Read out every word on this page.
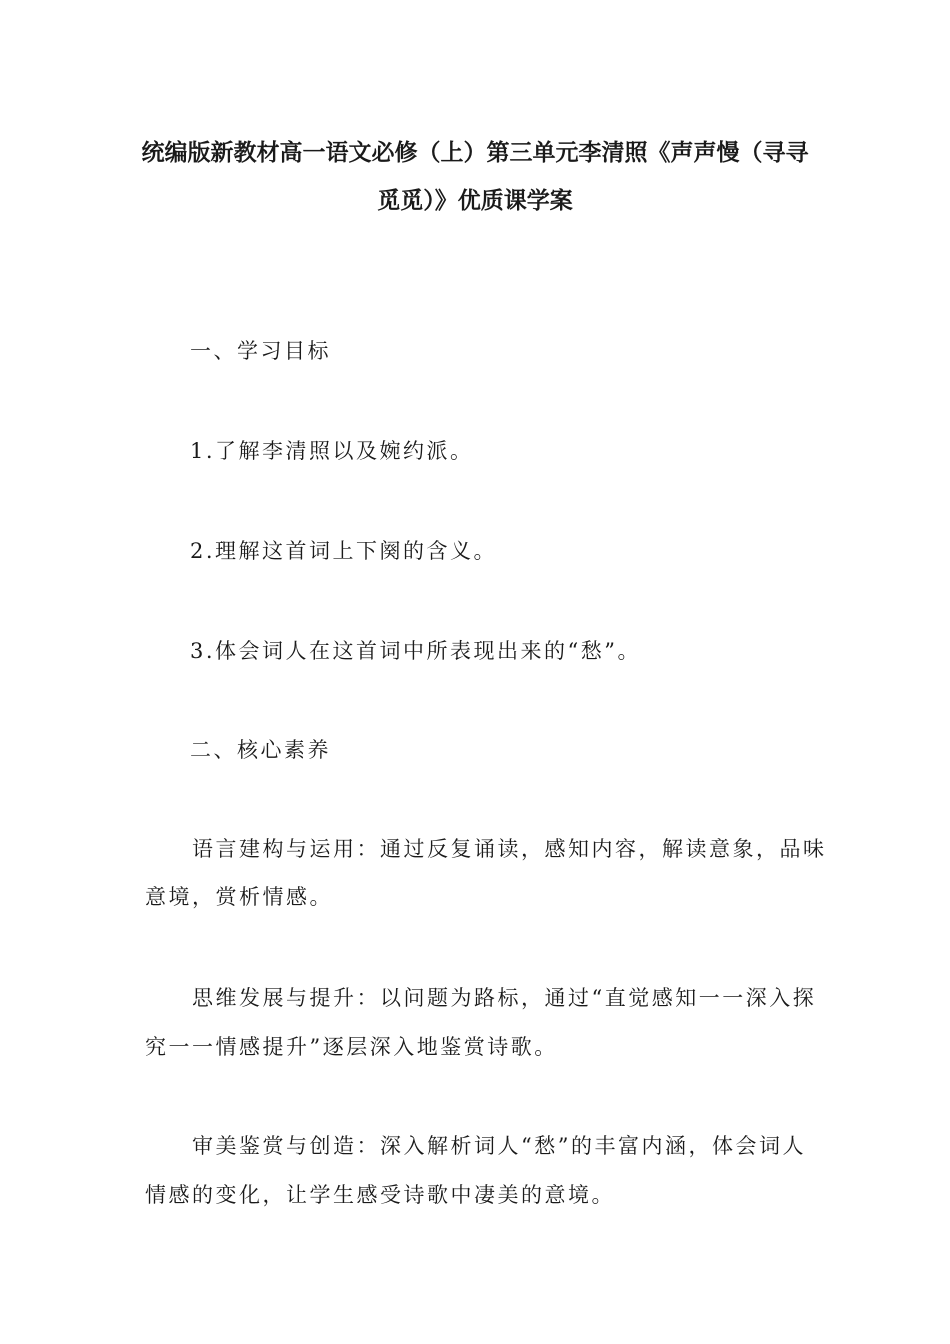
统编版新教材高一语文必修（上）第三单元李清照《声声慢（寻寻
觅觅）》优质课学案
一、学习目标
1.了解李清照以及婉约派。
2.理解这首词上下阕的含义。
3.体会词人在这首词中所表现出来的“愁”。
二、核心素养
语言建构与运用：通过反复诵读，感知内容，解读意象，品味
意境，赏析情感。
思维发展与提升：以问题为路标，通过“直觉感知一一深入探
究一一情感提升”逐层深入地鉴赏诗歌。
审美鉴赏与创造：深入解析词人“愁”的丰富内涵，体会词人
情感的变化，让学生感受诗歌中凄美的意境。
